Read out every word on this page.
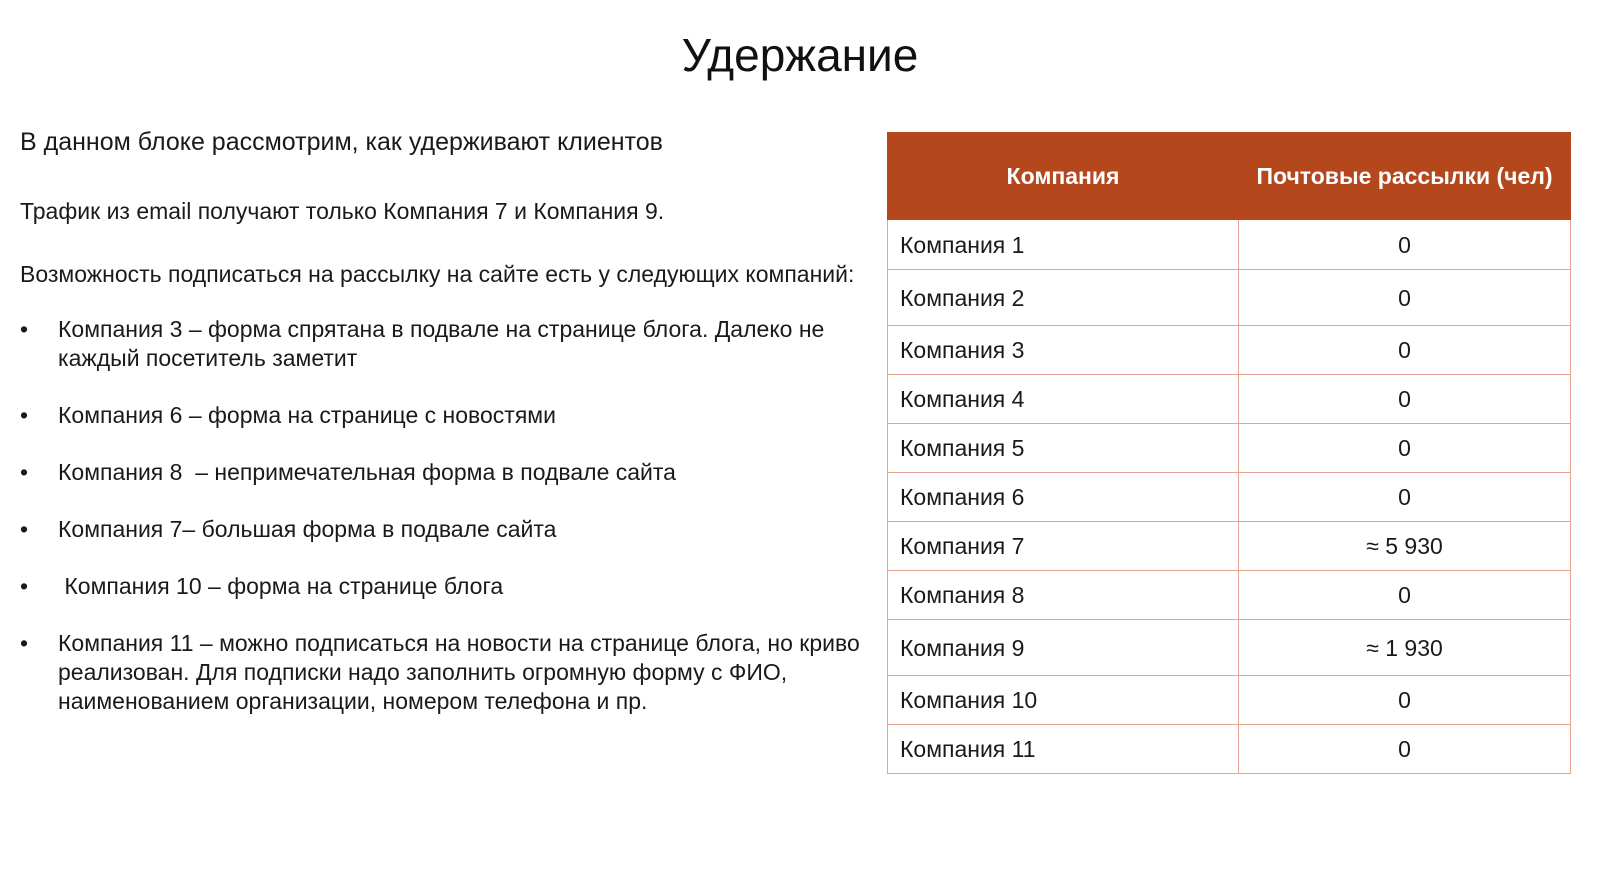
Удержание
В данном блоке рассмотрим, как удерживают клиентов
Трафик из email получают только Компания 7 и Компания 9.
Возможность подписаться на рассылку на сайте есть у следующих компаний:
•	Компания 3 – форма спрятана в подвале на странице блога. Далеко не каждый посетитель заметит
•	Компания 6 – форма на странице с новостями
•	Компания 8  – непримечательная форма в подвале сайта
•	Компания 7– большая форма в подвале сайта
•	Компания 10 – форма на странице блога
•	Компания 11 – можно подписаться на новости на странице блога, но криво реализован. Для подписки надо заполнить огромную форму с ФИО, наименованием организации, номером телефона и пр.
Компания	Почтовые рассылки (чел)
Компания 1	0
Компания 2	0
Компания 3	0
Компания 4	0
Компания 5	0
Компания 6	0
Компания 7	≈ 5 930
Компания 8	0
Компания 9	≈ 1 930
Компания 10	0
Компания 11	0
